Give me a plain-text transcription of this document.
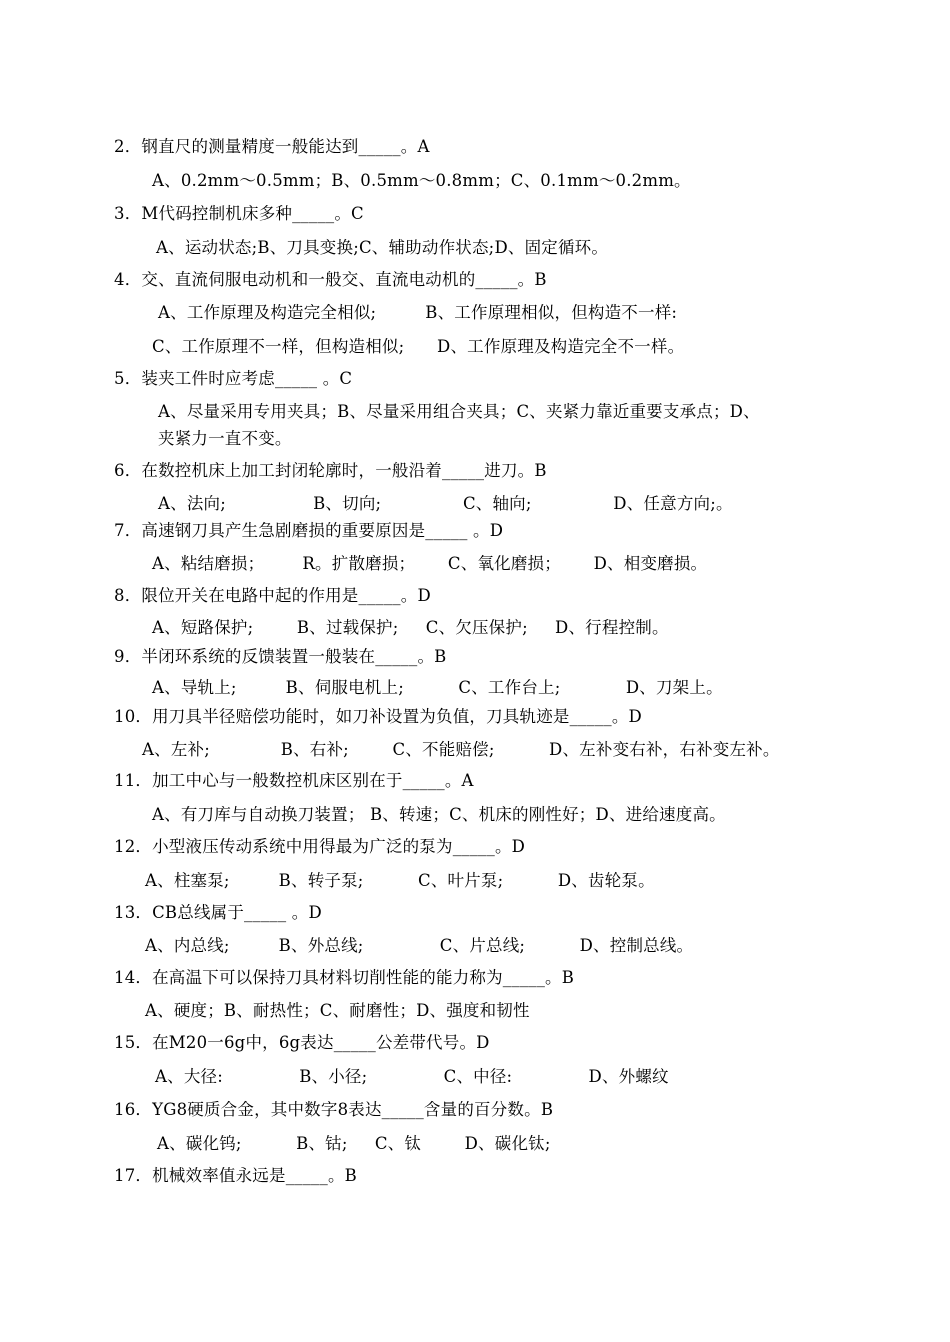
2．钢直尺的测量精度一般能达到_____。A
A、0.2mm～0.5mm；B、0.5mm～0.8mm；C、0.1mm～0.2mm。
3．M代码控制机床多种_____。C
A、运动状态;B、刀具变换;C、辅助动作状态;D、固定循环。
4．交、直流伺服电动机和一般交、直流电动机的_____。B
A、工作原理及构造完全相似;         B、工作原理相似，但构造不一样:
C、工作原理不一样，但构造相似;      D、工作原理及构造完全不一样。
5．装夹工件时应考虑_____ 。C
A、尽量采用专用夹具；B、尽量采用组合夹具；C、夹紧力靠近重要支承点；D、
夹紧力一直不变。
6．在数控机床上加工封闭轮廓时，一般沿着_____进刀。B
A、法向;                B、切向;               C、轴向;               D、任意方向;。
7．高速钢刀具产生急剧磨损的重要原因是_____ 。D
A、粘结磨损；       R。扩散磨损；      C、氧化磨损；      D、相变磨损。
8．限位开关在电路中起的作用是_____。D
A、短路保护;        B、过载保护;     C、欠压保护;     D、行程控制。
9．半闭环系统的反馈装置一般装在_____。B
A、导轨上;         B、伺服电机上;          C、工作台上;            D、刀架上。
10．用刀具半径赔偿功能时，如刀补设置为负值，刀具轨迹是_____。D
A、左补;             B、右补;        C、不能赔偿;          D、左补变右补，右补变左补。
11．加工中心与一般数控机床区别在于_____。A
A、有刀库与自动换刀装置； B、转速；C、机床的刚性好；D、进给速度高。
12．小型液压传动系统中用得最为广泛的泵为_____。D
A、柱塞泵;         B、转子泵;          C、叶片泵;          D、齿轮泵。
13．CB总线属于_____ 。D
A、内总线;         B、外总线;              C、片总线;          D、控制总线。
14．在高温下可以保持刀具材料切削性能的能力称为_____。B
A、硬度；B、耐热性；C、耐磨性；D、强度和韧性
15．在M20一6g中，6g表达_____公差带代号。D
A、大径:              B、小径;              C、中径:              D、外螺纹
16．YG8硬质合金，其中数字8表达_____含量的百分数。B
A、碳化钨;          B、钴;     C、钛        D、碳化钛;
17．机械效率值永远是_____。B
